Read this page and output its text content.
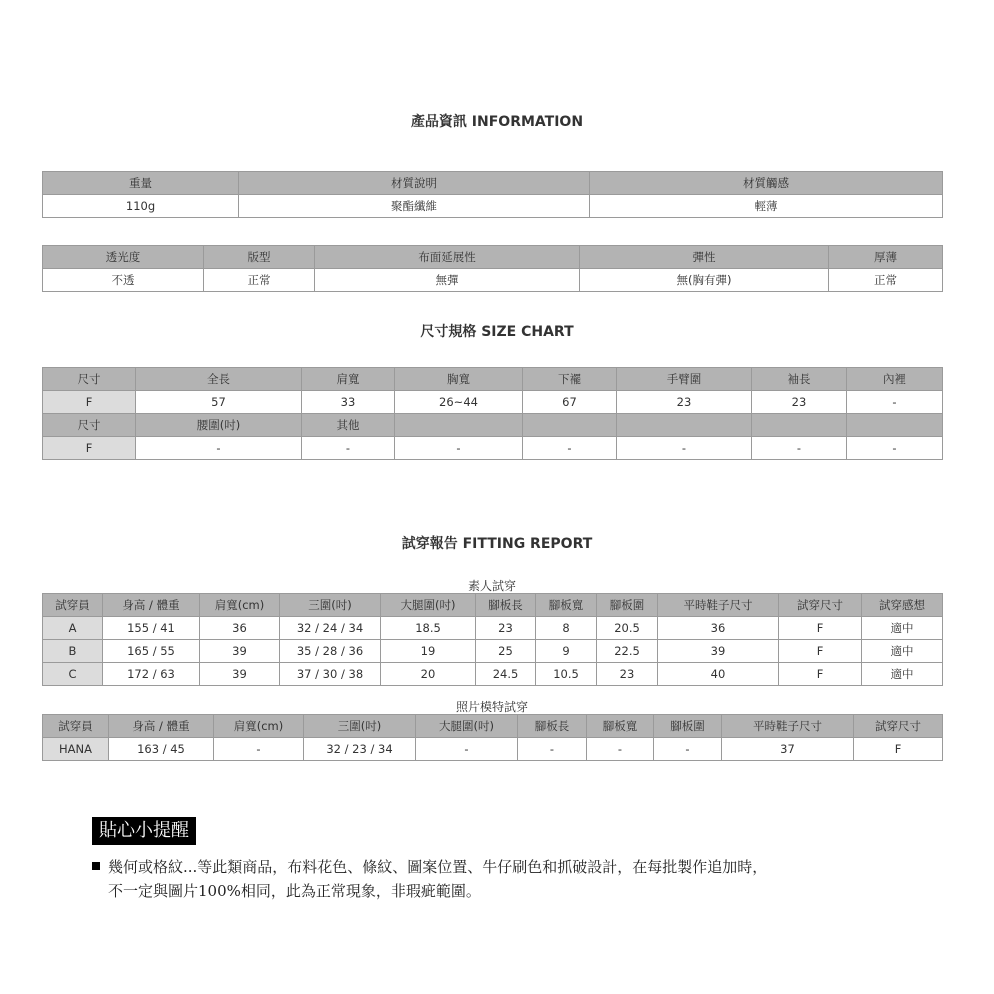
產品資訊 INFORMATION
重量	材質說明	材質觸感
110g	聚酯纖維	輕薄
透光度	版型	布面延展性	彈性	厚薄
不透	正常	無彈	無(胸有彈)	正常
尺寸規格 SIZE CHART
尺寸	全長	肩寬	胸寬	下襬	手臂圍	袖長	內裡
F	57	33	26~44	67	23	23	-
尺寸	腰圍(吋)	其他					
F	-	-	-	-	-	-	-
試穿報告 FITTING REPORT
素人試穿
試穿員	身高 / 體重	肩寬(cm)	三圍(吋)	大腿圍(吋)	腳板長	腳板寬	腳板圍	平時鞋子尺寸	試穿尺寸	試穿感想
A	155 / 41	36	32 / 24 / 34	18.5	23	8	20.5	36	F	適中
B	165 / 55	39	35 / 28 / 36	19	25	9	22.5	39	F	適中
C	172 / 63	39	37 / 30 / 38	20	24.5	10.5	23	40	F	適中
照片模特試穿
試穿員	身高 / 體重	肩寬(cm)	三圍(吋)	大腿圍(吋)	腳板長	腳板寬	腳板圍	平時鞋子尺寸	試穿尺寸
HANA	163 / 45	-	32 / 23 / 34	-	-	-	-	37	F
貼心小提醒
幾何或格紋...等此類商品，布料花色、條紋、圖案位置、牛仔刷色和抓破設計，在每批製作追加時，
不一定與圖片100%相同，此為正常現象，非瑕疵範圍。
